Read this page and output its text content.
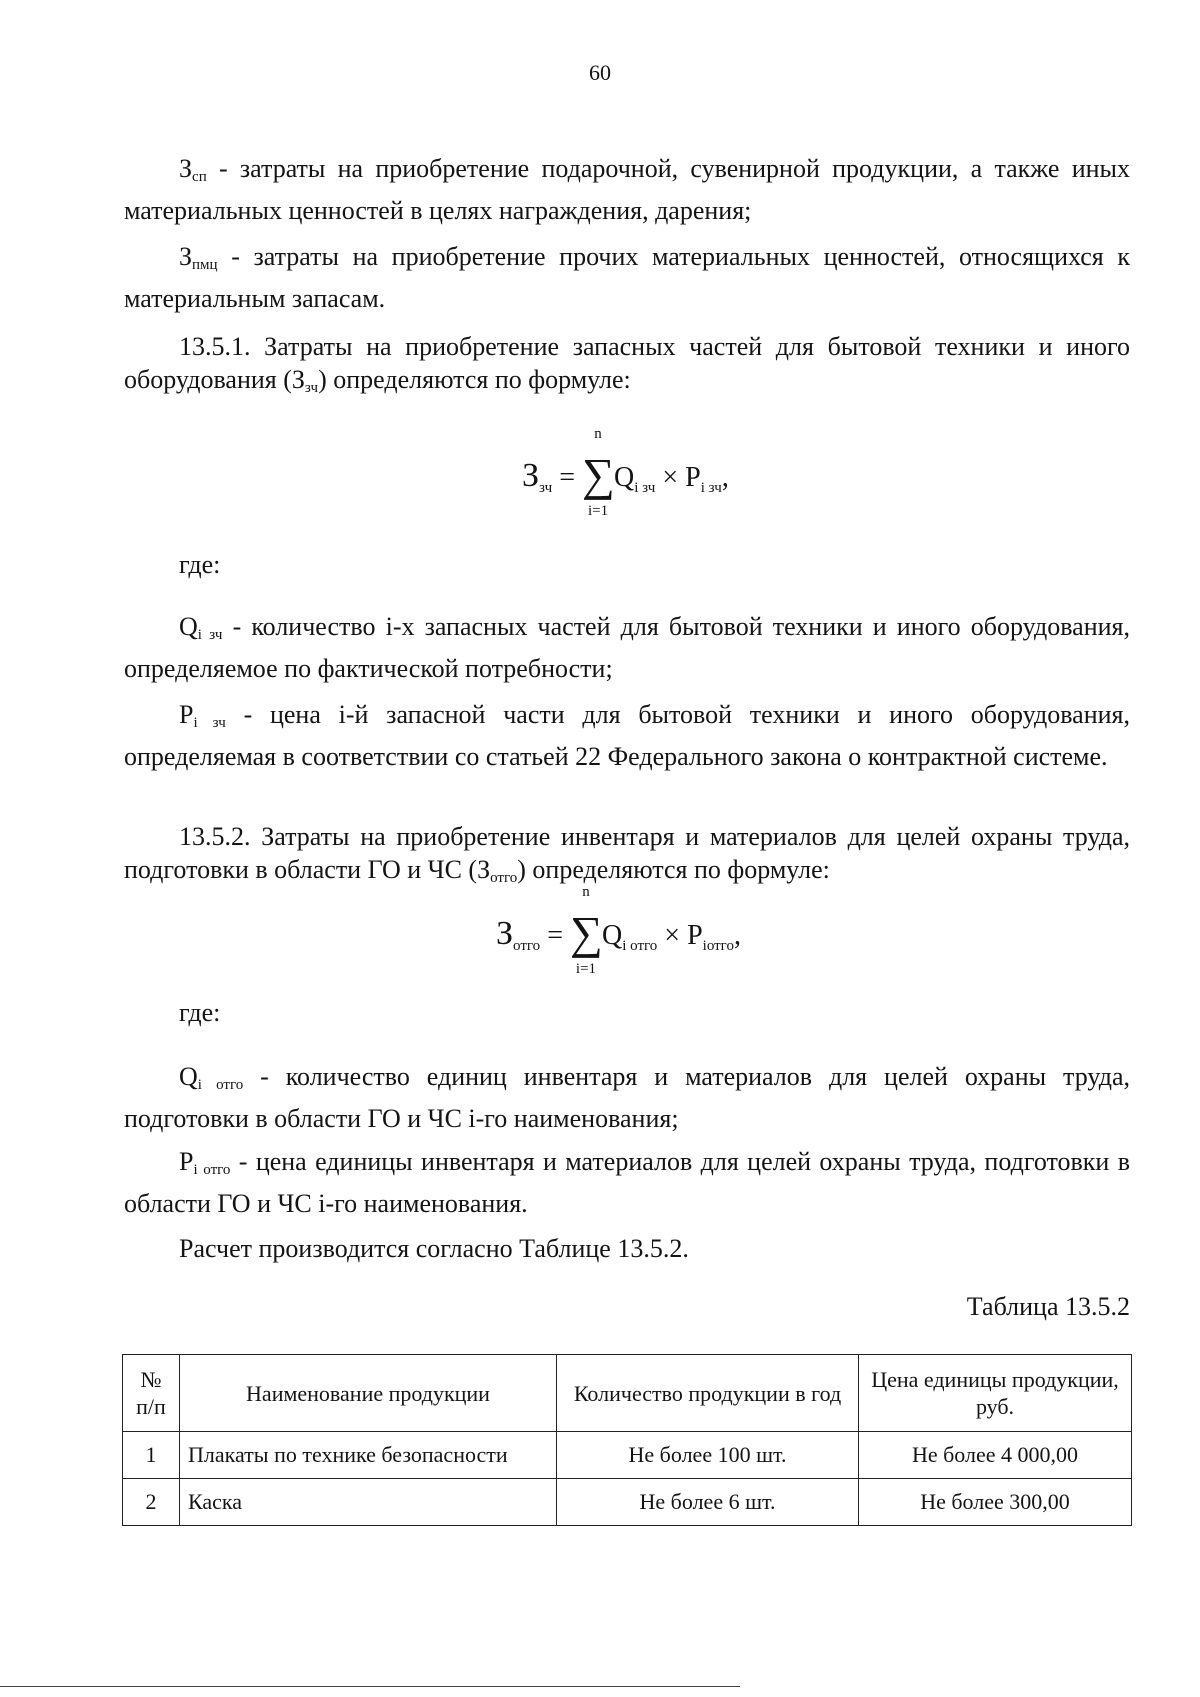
60
$З_{сп}$ - затраты на приобретение подарочной, сувенирной продукции, а также иных материальных ценностей в целях награждения, дарения;
$З_{пмц}$ - затраты на приобретение прочих материальных ценностей, относящихся к материальным запасам.
13.5.1. Затраты на приобретение запасных частей для бытовой техники и иного оборудования $(З_{зч})$ определяются по формуле:
$З_{зч}$ =
n
∑
i=1
$Q_{i зч} \times P_{i зч}$,
где:
$Q_{i зч}$ - количество i-х запасных частей для бытовой техники и иного оборудования, определяемое по фактической потребности;
$P_{i зч}$ - цена i-й запасной части для бытовой техники и иного оборудования, определяемая в соответствии со статьей 22 Федерального закона о контрактной системе.
13.5.2. Затраты на приобретение инвентаря и материалов для целей охраны труда, подготовки в области ГО и ЧС $(З_{отго})$ определяются по формуле:
$З_{отго}$ =
n
∑
i=1
$Q_{i отго} \times P_{iотго}$,
где:
$Q_{i отго}$ - количество единиц инвентаря и материалов для целей охраны труда, подготовки в области ГО и ЧС i-го наименования;
$P_{i отго}$ - цена единицы инвентаря и материалов для целей охраны труда, подготовки в области ГО и ЧС i-го наименования.
Расчет производится согласно Таблице 13.5.2.
Таблица 13.5.2
№ п/п	Наименование продукции	Количество продукции в год	Цена единицы продукции, руб.
1	Плакаты по технике безопасности	Не более 100 шт.	Не более 4 000,00
2	Каска	Не более 6 шт.	Не более 300,00
